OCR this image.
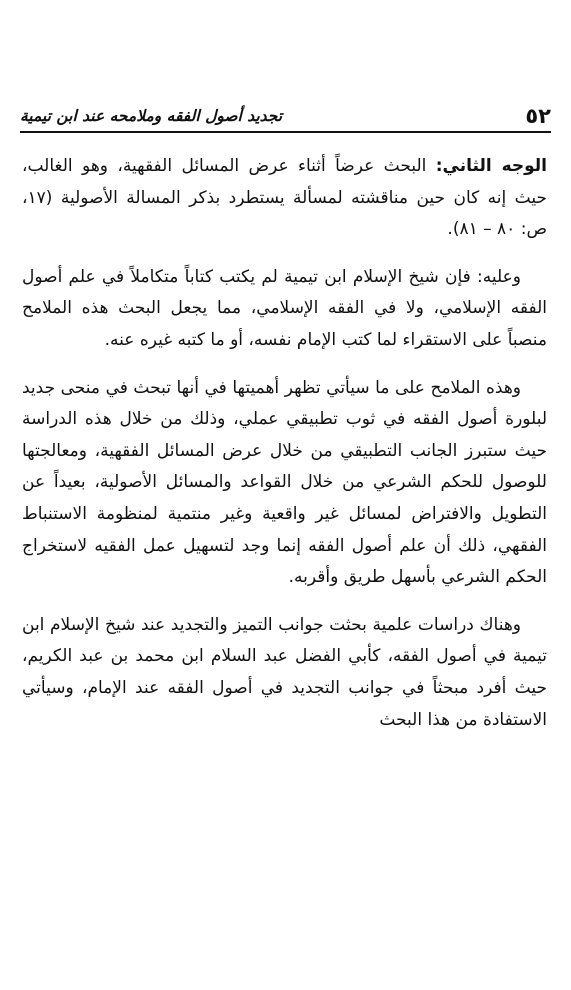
٥٢
تجديد أصول الفقه وملامحه عند ابن تيمية

الوجه الثاني: البحث عرضاً أثناء عرض المسائل الفقهية، وهو الغالب، حيث إنه كان حين مناقشته لمسألة يستطرد بذكر المسالة الأصولية (١٧، ص: ٨٠ – ٨١).

وعليه: فإن شيخ الإسلام ابن تيمية لم يكتب كتاباً متكاملاً في علم أصول الفقه الإسلامي، ولا في الفقه الإسلامي، مما يجعل البحث هذه الملامح منصباً على الاستقراء لما كتب الإمام نفسه، أو ما كتبه غيره عنه.

وهذه الملامح على ما سيأتي تظهر أهميتها في أنها تبحث في منحى جديد لبلورة أصول الفقه في ثوب تطبيقي عملي، وذلك من خلال هذه الدراسة حيث ستبرز الجانب التطبيقي من خلال عرض المسائل الفقهية، ومعالجتها للوصول للحكم الشرعي من خلال القواعد والمسائل الأصولية، بعيداً عن التطويل والافتراض لمسائل غير واقعية وغير منتمية لمنظومة الاستنباط الفقهي، ذلك أن علم أصول الفقه إنما وجد لتسهيل عمل الفقيه لاستخراج الحكم الشرعي بأسهل طريق وأقربه.

وهناك دراسات علمية بحثت جوانب التميز والتجديد عند شيخ الإسلام ابن تيمية في أصول الفقه، كأبي الفضل عبد السلام ابن محمد بن عبد الكريم، حيث أفرد مبحثاً في جوانب التجديد في أصول الفقه عند الإمام، وسيأتي الاستفادة من هذا البحث
